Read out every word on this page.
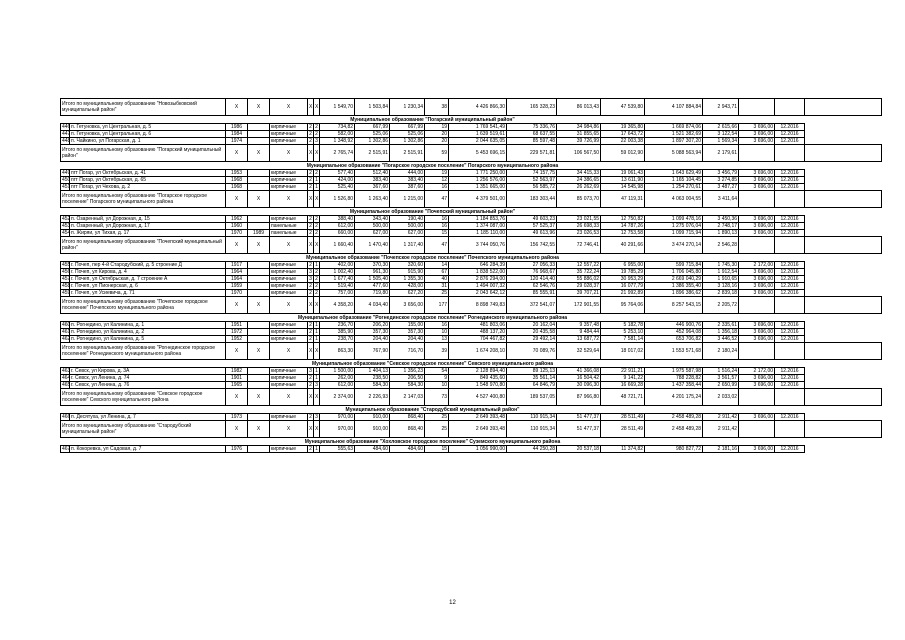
Итого по муниципальному образованию "Новозыбковский муниципальный район"		X	X	X	X	X	1 549,70	1 503,84	1 230,34	38	4 426 866,30	165 328,23	86 013,43	47 539,80	4 107 884,84	2 943,71			
Муниципальное образование "Погарский муниципальный район"																			
446	п. Гетуновка, ул Центральная, д. 5	1986		кирпичные	2	2	734,82	667,99	667,99	19	1 769 541,49	75 336,76	34 984,86	19 365,80	1 669 874,06	2 615,66	3 696,00	12.2016	
447	п. Гетуновка, ул Центральная, д. 6	1984		кирпичные	2	2	582,00	525,06	525,06	20	1 639 519,61	68 637,55	31 855,65	17 643,72	1 521 382,69	3 122,54	3 696,00	12.2016	
448	п. Чайкино, ул Погарская, д. 1	1974		кирпичные	2	3	1 348,92	1 302,86	1 302,86	20	2 044 635,05	85 597,48	39 726,99	22 003,38	1 897 307,20	1 569,34	3 696,00	12.2016	
Итого по муниципальному образованию "Погарский муниципальный район"		X	X	X	X	X	2 765,74	2 515,91	2 515,91	59	5 453 696,15	229 571,81	106 567,50	59 012,90	5 088 563,94	2 179,61			
Муниципальное образование "Погарское городское поселение" Погарского муниципального района																			
449	пгт Погар, ул Октябрьская, д. 41	1953		кирпичные	2	2	577,40	512,40	444,00	19	1 771 250,00	74 157,75	34 415,33	19 061,43	1 643 629,49	3 456,79	3 696,00	12.2016	
450	пгт Погар, ул Октябрьская, д. 65	1968		кирпичные	2	1	424,00	383,40	383,40	12	1 256 576,00	52 563,97	24 386,65	13 611,90	1 165 104,45	3 274,85	3 696,00	12.2016	
451	пгт Погар, ул Чехова, д. 2	1968		кирпичные	2	1	525,40	367,60	387,60	16	1 351 665,00	56 585,72	26 262,69	14 545,98	1 254 270,61	3 487,27	3 696,00	12.2016	
Итого по муниципальному образованию "Погарское городское поселение" Погарского муниципального района		X	X	X	X	X	1 526,80	1 263,40	1 215,00	47	4 379 501,00	183 303,44	85 073,70	47 119,31	4 063 004,55	3 411,64			
Муниципальное образование "Почепский муниципальный район"																			
452	п. Озаренный, ул Дорожная, д. 15	1962		кирпичные	2	2	388,40	343,40	190,40	16	1 184 853,76	49 603,23	23 021,55	12 750,82	1 099 478,16	3 450,36	3 696,00	12.2016	
453	п. Озаренный, ул Дорожная, д. 17	1960		панельные	2	2	612,00	500,00	500,00	16	1 374 087,00	57 525,37	26 698,33	14 787,26	1 275 076,04	2 748,17	3 696,00	12.2016	
454	п. Жиряи, ул Тихая, д. 17	1970	1989	панельные	2	2	660,00	627,00	627,00	15	1 185 110,00	49 613,96	23 026,53	12 753,58	1 099 715,94	1 890,13	3 696,00	12.2016	
Итого по муниципальному образованию "Почепский муниципальный район"		X	X	X	X	X	1 660,40	1 470,40	1 317,40	47	3 744 050,76	156 742,55	72 746,41	40 291,66	3 474 270,14	2 546,28			
Муниципальное образование "Почепское городское поселение" Почепского муниципального района																			
455	г. Почеп, пер 4-й Стародубский, д. 5 строение Д	1917		кирпичные	2	1	402,00	370,30	320,60	14	646 284,39	27 056,33	12 557,22	6 955,00	599 715,84	1 745,30	2 172,00	12.2016	
456	г. Почеп, ул Кирова, д. 4	1964		кирпичные	3	2	1 002,40	961,30	915,90	67	1 838 522,00	76 968,67	35 722,24	19 785,29	1 706 045,80	1 912,54	3 696,00	12.2016	
457	г. Почеп, ул Октябрьская, д. 7 строение А	1964		кирпичные	3	2	1 677,40	1 505,40	1 355,30	40	2 876 294,00	120 414,40	55 886,02	30 953,29	2 669 040,29	1 910,65	3 696,00	12.2016	
458	г. Почеп, ул Пионерская, д. 6	1959		кирпичные	2	2	519,40	477,60	428,00	31	1 494 007,32	62 546,76	29 028,37	16 077,79	1 386 355,40	3 128,16	3 696,00	12.2016	
459	г. Почеп, ул Усиевича, д. 71	1970		кирпичные	2	2	757,00	719,80	627,20	25	2 043 642,12	85 555,91	39 707,21	21 992,89	1 896 386,62	2 839,18	3 696,00	12.2016	
Итого по муниципальному образованию "Почепское городское поселение" Почепского муниципального района		X	X	X	X	X	4 358,20	4 034,40	3 656,00	177	8 898 749,83	372 541,07	172 901,55	95 764,06	8 257 543,15	2 205,72			
Муниципальное образование "Рогнединское городское поселение" Рогнединского муниципального района																			
460	п. Рогнедино, ул Калинина, д. 1	1951		кирпичные	2	1	236,70	206,20	155,00	16	481 803,06	20 162,04	9 357,48	5 182,78	446 900,76	2 335,61	3 696,00	12.2016	
461	п. Рогнедино, ул Калинина, д. 2	1972		кирпичные	2	1	385,90	357,30	357,30	10	488 137,20	20 435,58	9 484,44	5 253,10	452 964,08	1 356,18	3 696,00	12.2016	
462	п. Рогнедино, ул Калинина, д. 5	1952		кирпичные	2	1	238,70	204,40	204,40	13	704 467,82	29 492,14	13 687,72	7 581,14	653 706,82	3 446,52	3 696,00	12.2016	
Итого по муниципальному образованию "Рогнединское городское поселение" Рогнединского муниципального района		X	X	X	X	X	863,30	767,90	716,70	39	1 674 208,10	70 089,76	32 529,64	18 017,02	1 553 571,68	2 180,24			
Муниципальное образование "Севское городское поселение" Севского муниципального района																			
463	г. Севск, ул Кирова, д. 3А	1982		кирпичные	3	1	1 500,00	1 404,13	1 356,23	54	2 128 894,40	89 125,13	41 366,08	22 911,21	1 975 587,98	1 516,24	2 172,00	12.2016	
464	г. Севск, ул Ленина, д. 74	1901		кирпичные	2	1	262,00	238,50	206,50	9	849 435,60	35 561,14	16 504,42	9 141,22	788 228,82	3 561,57	3 696,00	12.2016	
465	г. Севск, ул Ленина, д. 76	1965		кирпичные	2	3	612,00	584,30	584,30	10	1 548 970,80	64 846,79	30 096,30	16 669,28	1 437 358,44	2 650,99	3 696,00	12.2016	
Итого по муниципальному образованию "Севское городское поселение" Севского муниципального района		X	X	X	X	X	2 374,00	2 226,93	2 147,03	73	4 527 400,80	189 537,05	87 966,80	48 721,71	4 201 175,24	2 033,02			
Муниципальное образование "Стародубский муниципальный район"																			
466	п. Десятуха, ул Ленина, д. 7	1973		кирпичные	2	3	970,00	910,00	868,40	25	2 649 393,48	110 915,34	51 477,37	28 511,49	2 458 489,28	2 911,42	3 696,00	12.2016	
Итого по муниципальному образованию "Стародубский муниципальный район"		X	X	X	X	X	970,00	910,00	868,40	25	2 649 393,48	110 915,34	51 477,37	28 511,49	2 458 489,28	2 911,42			
Муниципальное образование "Хохловское городское поселение" Суземского муниципального района																			
467	п. Кокоревка, ул Садовая, д. 7	1976		кирпичные	2	1	555,63	484,60	484,60	15	1 056 990,00	44 250,28	20 537,18	11 374,82	980 827,72	2 181,16	3 696,00	12.2016	
12
